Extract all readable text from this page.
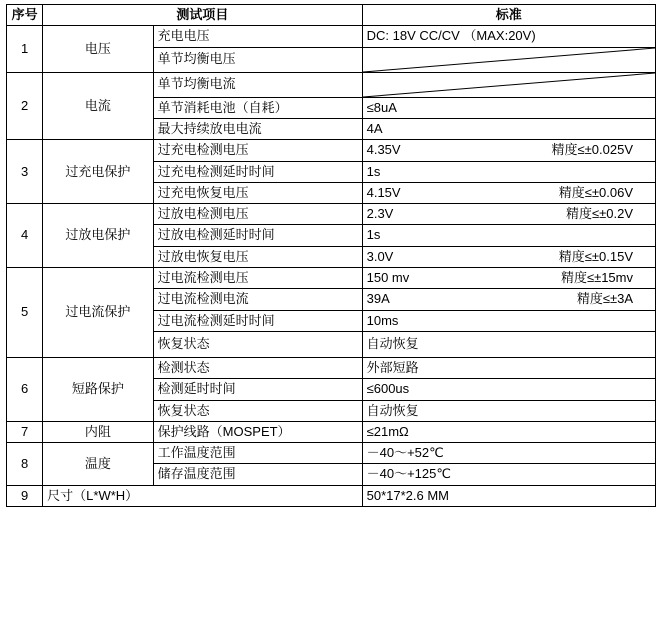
序号	测试项目		标准
1	电压	充电电压	DC: 18V CC/CV （MAX:20V)
		单节均衡电压	

2	电流	单节均衡电流	

		单节消耗电池（自耗）	≤8uA
		最大持续放电电流	4A
3	过充电保护	过充电检测电压	4.35V 精度≤±0.025V

		过充电检测延时时间	1s
		过充电恢复电压	4.15V 精度≤±0.06V

4	过放电保护	过放电检测电压	2.3V 精度≤±0.2V

		过放电检测延时时间	1s
		过放电恢复电压	3.0V 精度≤±0.15V

5	过电流保护	过电流检测电压	150 mv 精度≤±15mv

		过电流检测电流	39A 精度≤±3A

		过电流检测延时时间	10ms
		恢复状态	自动恢复
6	短路保护	检测状态	外部短路
		检测延时时间	≤600us
		恢复状态	自动恢复
7	内阻	保护线路（MOSPET）	≤21mΩ
8	温度	工作温度范围	－40～+52℃
		储存温度范围	－40～+125℃
9	尺寸（L*W*H）		50*17*2.6 MM
